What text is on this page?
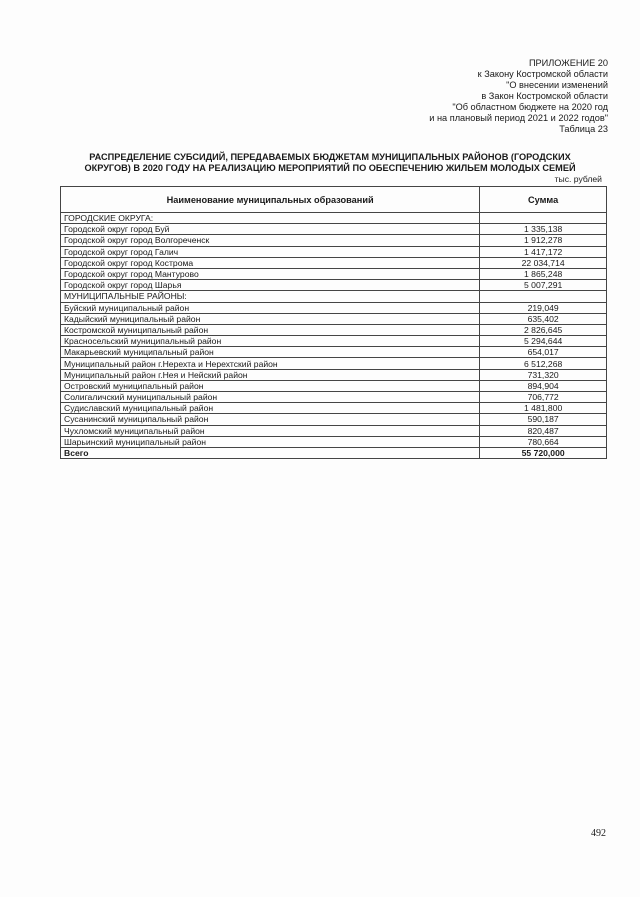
ПРИЛОЖЕНИЕ 20
к Закону Костромской области
"О внесении изменений
в Закон Костромской области
"Об областном бюджете на 2020 год
и на плановый период 2021 и 2022 годов"
Таблица 23
РАСПРЕДЕЛЕНИЕ СУБСИДИЙ, ПЕРЕДАВАЕМЫХ БЮДЖЕТАМ МУНИЦИПАЛЬНЫХ РАЙОНОВ (ГОРОДСКИХ
ОКРУГОВ) В 2020 ГОДУ НА РЕАЛИЗАЦИЮ МЕРОПРИЯТИЙ ПО ОБЕСПЕЧЕНИЮ ЖИЛЬЕМ МОЛОДЫХ СЕМЕЙ
тыс. рублей
Наименование муниципальных образований	Сумма
ГОРОДСКИЕ ОКРУГА:	
Городской округ город Буй	1 335,138
Городской округ город Волгореченск	1 912,278
Городской округ город Галич	1 417,172
Городской округ город Кострома	22 034,714
Городской округ город Мантурово	1 865,248
Городской округ город Шарья	5 007,291
МУНИЦИПАЛЬНЫЕ РАЙОНЫ:	
Буйский муниципальный район	219,049
Кадыйский муниципальный район	635,402
Костромской муниципальный район	2 826,645
Красносельский муниципальный район	5 294,644
Макарьевский муниципальный район	654,017
Муниципальный район г.Нерехта и Нерехтский район	6 512,268
Муниципальный район г.Нея и Нейский район	731,320
Островский муниципальный район	894,904
Солигаличский муниципальный район	706,772
Судиславский муниципальный район	1 481,800
Сусанинский муниципальный район	590,187
Чухломский муниципальный район	820,487
Шарьинский муниципальный район	780,664
Всего	55 720,000
492
